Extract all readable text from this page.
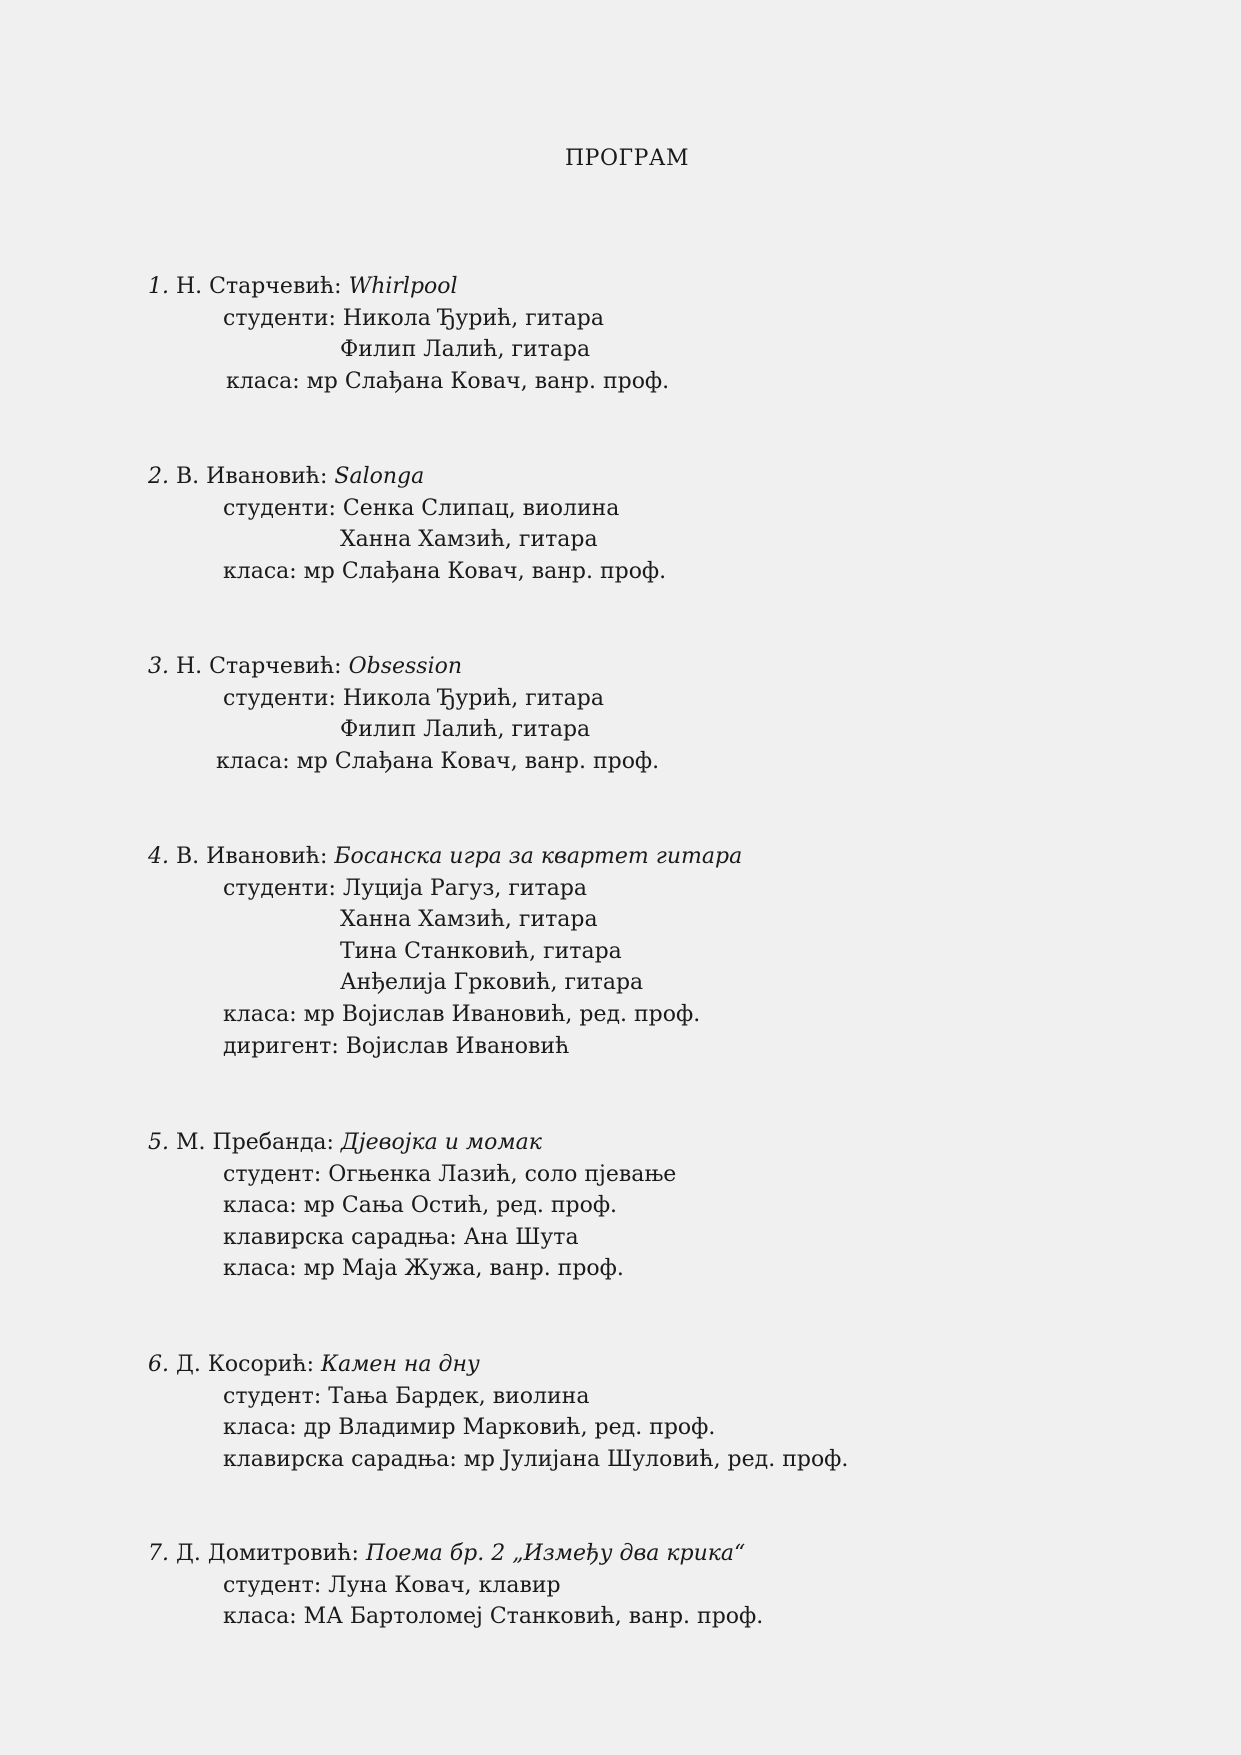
ПРОГРАМ
1. Н. Старчевић: Whirlpool
студенти: Никола Ђурић, гитара
Филип Лалић, гитара
класа: мр Слађана Ковач, ванр. проф.
2. В. Ивановић: Salonga
студенти: Сенка Слипац, виолина
Ханна Хамзић, гитара
класа: мр Слађана Ковач, ванр. проф.
3. Н. Старчевић: Obsession
студенти: Никола Ђурић, гитара
Филип Лалић, гитара
класа: мр Слађана Ковач, ванр. проф.
4. В. Ивановић: Босанска игра за квартет гитара
студенти: Луција Рагуз, гитара
Ханна Хамзић, гитара
Тина Станковић, гитара
Анђелија Грковић, гитара
класа: мр Војислав Ивановић, ред. проф.
диригент: Војислав Ивановић
5. М. Пребанда: Дјевојка и момак
студент: Огњенка Лазић, соло пјевање
класа: мр Сања Остић, ред. проф.
клавирска сарадња: Ана Шута
класа: мр Маја Жужа, ванр. проф.
6. Д. Косорић: Камен на дну
студент: Тања Бардек, виолина
класа: др Владимир Марковић, ред. проф.
клавирска сарадња: мр Јулијана Шуловић, ред. проф.
7. Д. Домитровић: Поема бр. 2 „Између два крика“
студент: Луна Ковач, клавир
класа: МА Бартоломеј Станковић, ванр. проф.
